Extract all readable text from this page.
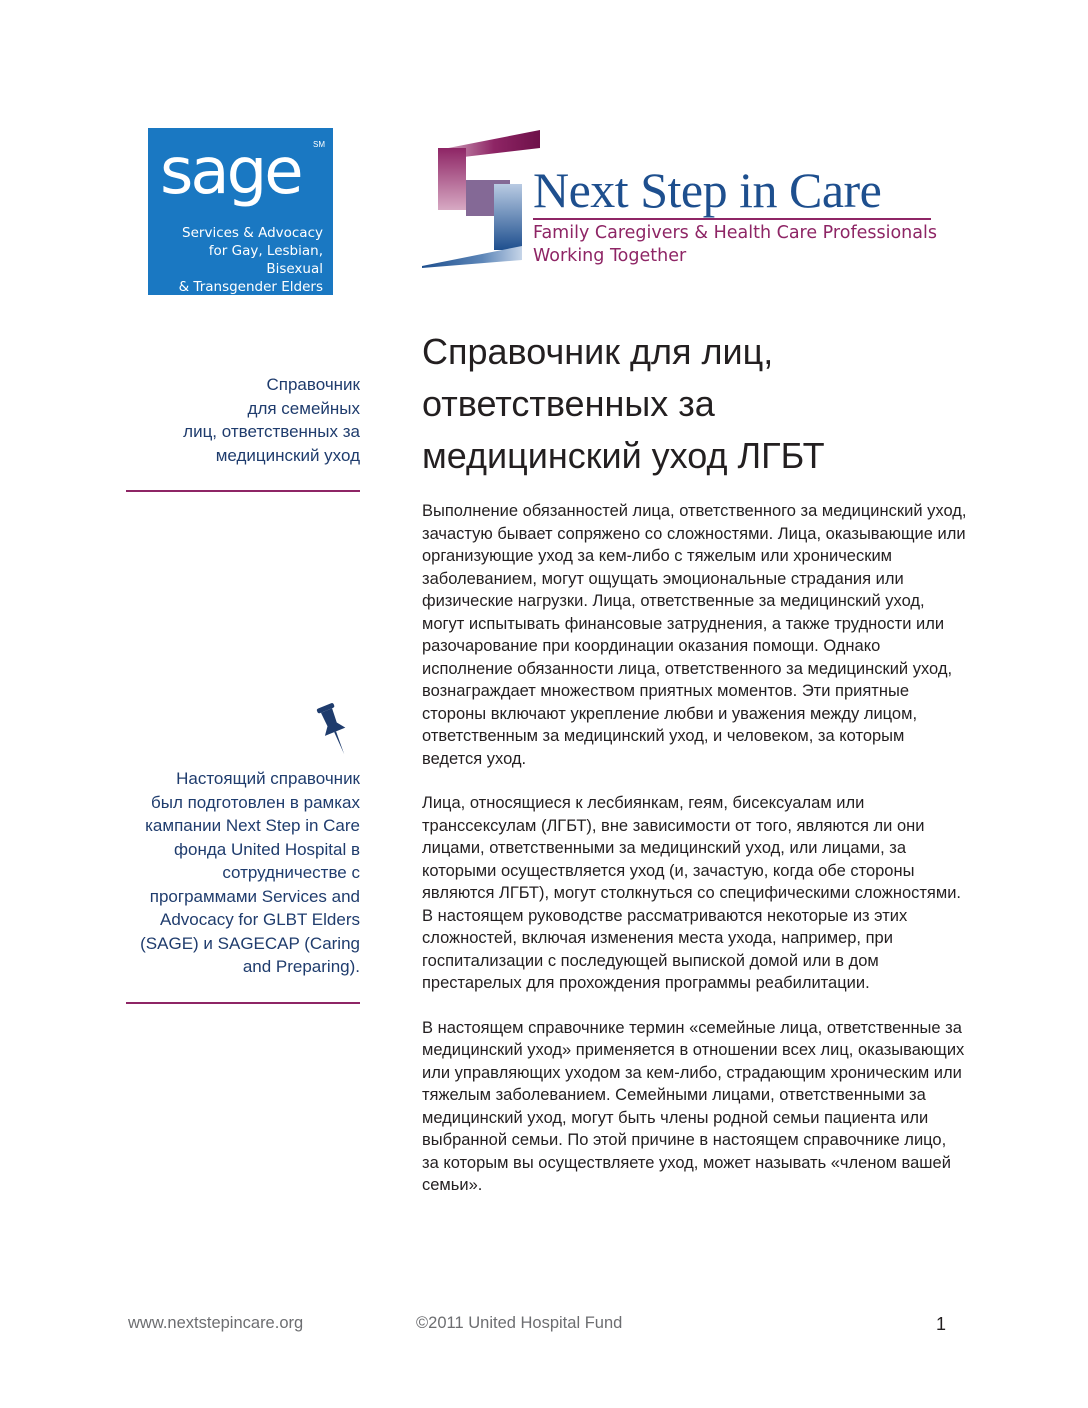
sage SM
Services & Advocacy
for Gay, Lesbian, Bisexual
& Transgender Elders
Next Step in Care
Family Caregivers & Health Care Professionals
Working Together
Справочник для лиц,
ответственных за
медицинский уход ЛГБТ
Справочник
для семейных
лиц, ответственных за
медицинский уход
Настоящий справочник
был подготовлен в рамках
кампании Next Step in Care
фонда United Hospital в
сотрудничестве с
программами Services and
Advocacy for GLBT Elders
(SAGE) и SAGECAP (Caring
and Preparing).

Выполнение обязанностей лица, ответственного за медицинский уход, зачастую бывает сопряжено со сложностями. Лица, оказывающие или организующие уход за кем-либо с тяжелым или хроническим заболеванием, могут ощущать эмоциональные страдания или физические нагрузки. Лица, ответственные за медицинский уход, могут испытывать финансовые затруднения, а также трудности или разочарование при координации оказания помощи. Однако исполнение обязанности лица, ответственного за медицинский уход, вознаграждает множеством приятных моментов. Эти приятные стороны включают укрепление любви и уважения между лицом, ответственным за медицинский уход, и человеком, за которым ведется уход.

Лица, относящиеся к лесбиянкам, геям, бисексуалам или транссексулам (ЛГБТ), вне зависимости от того, являются ли они лицами, ответственными за медицинский уход, или лицами, за которыми осуществляется уход (и, зачастую, когда обе стороны являются ЛГБТ), могут столкнуться со специфическими сложностями. В настоящем руководстве рассматриваются некоторые из этих сложностей, включая изменения места ухода, например, при госпитализации с последующей выпиской домой или в дом престарелых для прохождения программы реабилитации.

В настоящем справочнике термин «семейные лица, ответственные за медицинский уход» применяется в отношении всех лиц, оказывающих или управляющих уходом за кем-либо, страдающим хроническим или тяжелым заболеванием. Семейными лицами, ответственными за медицинский уход, могут быть члены родной семьи пациента или выбранной семьи. По этой причине в настоящем справочнике лицо, за которым вы осуществляете уход, может называть «членом вашей семьи».

www.nextstepincare.org	©2011 United Hospital Fund	1
